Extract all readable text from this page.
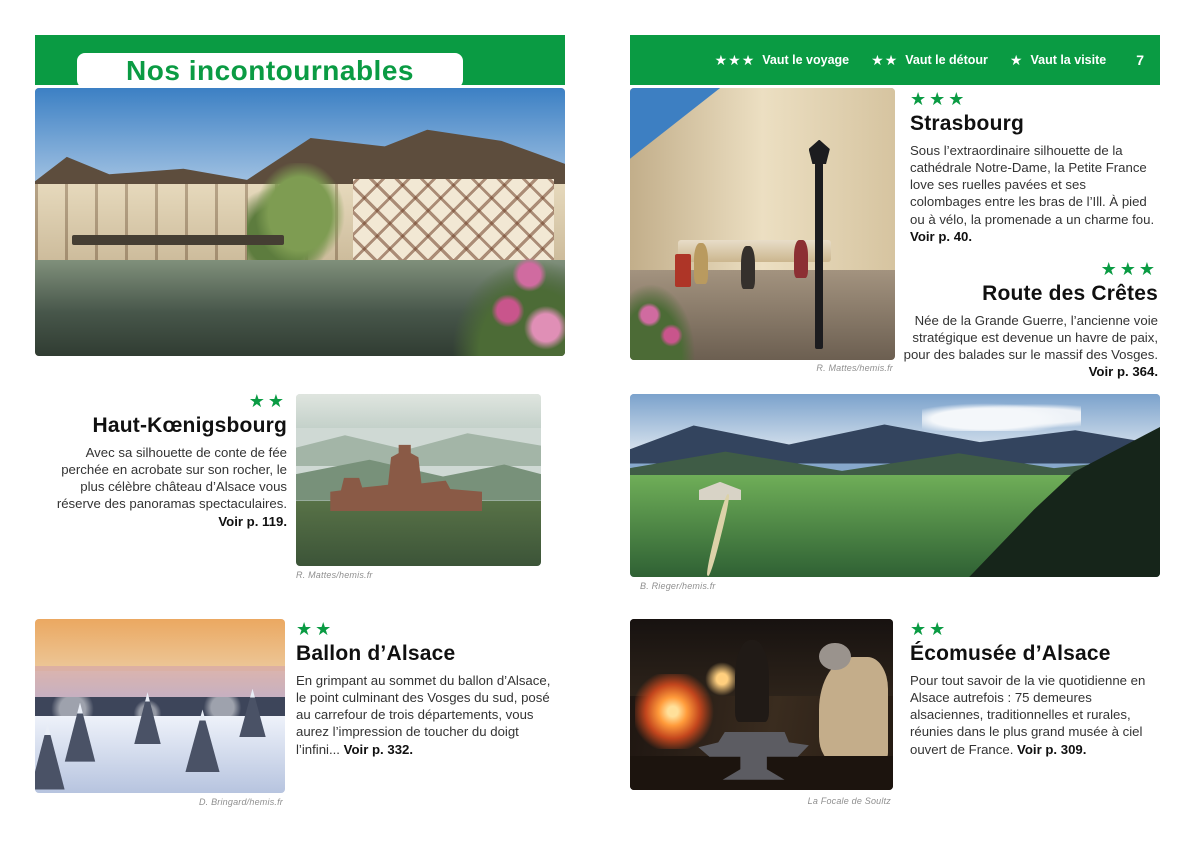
Nos incontournables
★★
Haut-Kœnigsbourg

Avec sa silhouette de conte de fée perchée en acrobate sur son rocher, le plus célèbre château d’Alsace vous réserve des panoramas spectaculaires. Voir p. 119.

R. Mattes/hemis.fr
D. Bringard/hemis.fr
★★
Ballon d’Alsace

En grimpant au sommet du ballon d’Alsace, le point culminant des Vosges du sud, posé au carrefour de trois départements, vous aurez l’impression de toucher du doigt l’infini... Voir p. 332.

★★★ Vaut le voyage ★★ Vaut le détour ★ Vaut la visite 7
R. Mattes/hemis.fr
★★★
Strasbourg

Sous l’extraordinaire silhouette de la cathédrale Notre-Dame, la Petite France love ses ruelles pavées et ses colombages entre les bras de l’Ill. À pied ou à vélo, la promenade a un charme fou. Voir p. 40.

★★★
Route des Crêtes

Née de la Grande Guerre, l’ancienne voie stratégique est devenue un havre de paix, pour des balades sur le massif des Vosges. Voir p. 364.

B. Rieger/hemis.fr
La Focale de Soultz
★★
Écomusée d’Alsace

Pour tout savoir de la vie quotidienne en Alsace autrefois : 75 demeures alsaciennes, traditionnelles et rurales, réunies dans le plus grand musée à ciel ouvert de France. Voir p. 309.
